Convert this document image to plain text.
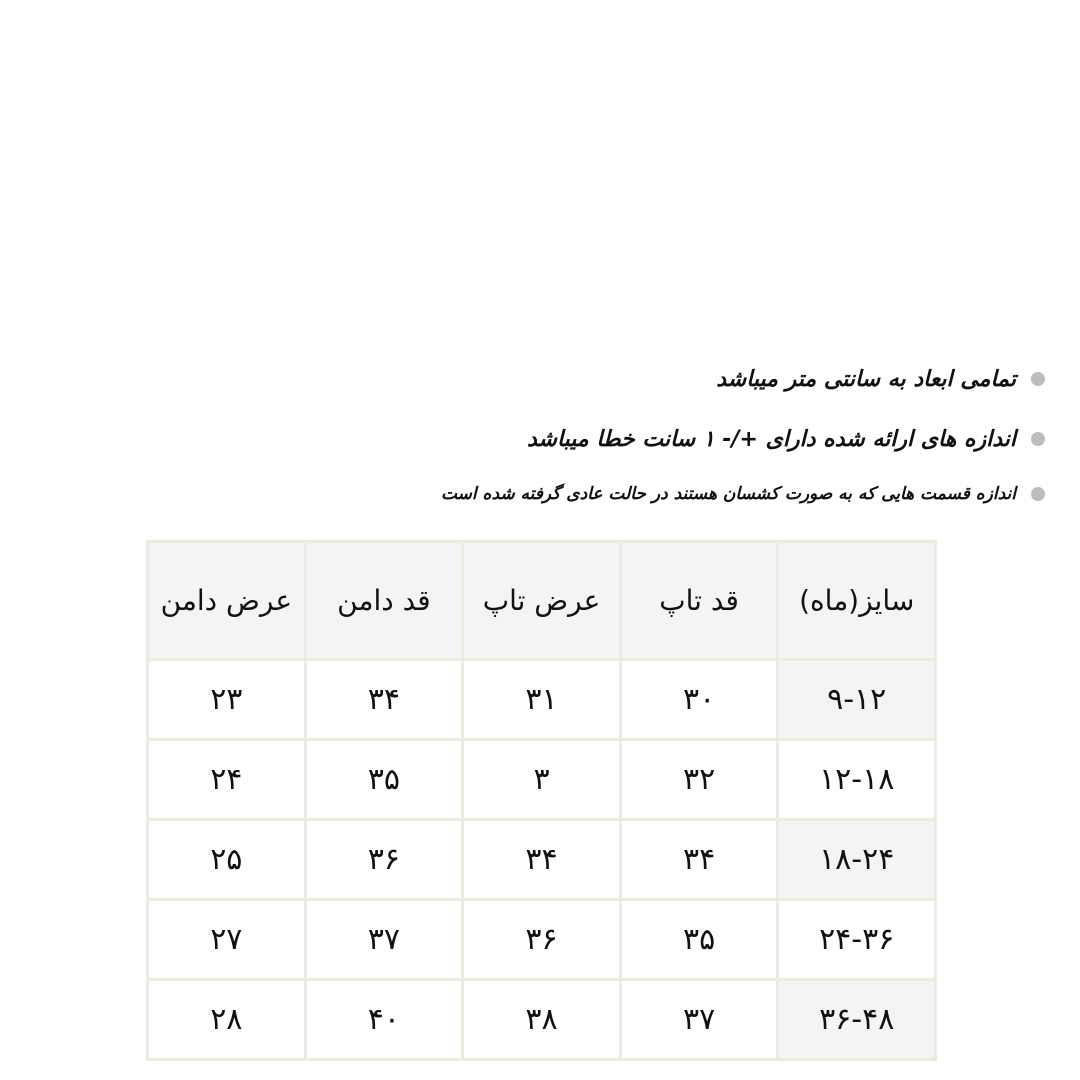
تمامی ابعاد به سانتی متر میباشد
اندازه های ارائه شده دارای +/- ۱ سانت خطا میباشد
اندازه قسمت هایی که به صورت کشسان هستند در حالت عادی گرفته شده است
سایز(ماه)	قد تاپ	عرض تاپ	قد دامن	عرض دامن
۹-۱۲	۳۰	۳۱	۳۴	۲۳
۱۲-۱۸	۳۲	۳	۳۵	۲۴
۱۸-۲۴	۳۴	۳۴	۳۶	۲۵
۲۴-۳۶	۳۵	۳۶	۳۷	۲۷
۳۶-۴۸	۳۷	۳۸	۴۰	۲۸
